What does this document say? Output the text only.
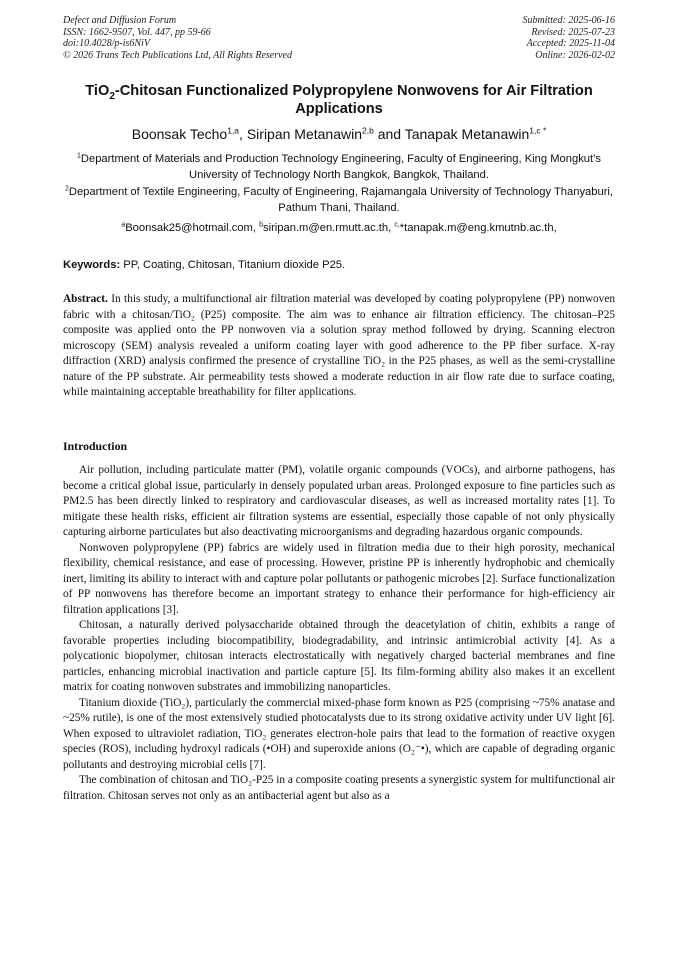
Defect and Diffusion Forum
ISSN: 1662-9507, Vol. 447, pp 59-66
doi:10.4028/p-is6NiV
© 2026 Trans Tech Publications Ltd, All Rights Reserved
Submitted: 2025-06-16
Revised: 2025-07-23
Accepted: 2025-11-04
Online: 2026-02-02
TiO$_2$-Chitosan Functionalized Polypropylene Nonwovens for Air Filtration Applications
Boonsak Techo$^{1,a}$, Siripan Metanawin$^{2,b}$ and Tanapak Metanawin$^{1,c *}$
$^1$Department of Materials and Production Technology Engineering, Faculty of Engineering, King Mongkut’s University of Technology North Bangkok, Bangkok, Thailand.
$^2$Department of Textile Engineering, Faculty of Engineering, Rajamangala University of Technology Thanyaburi, Pathum Thani, Thailand.
$^a$Boonsak25@hotmail.com, $^b$siripan.m@en.rmutt.ac.th, $^{c,}$*tanapak.m@eng.kmutnb.ac.th,
Keywords: PP, Coating, Chitosan, Titanium dioxide P25.
Abstract. In this study, a multifunctional air filtration material was developed by coating polypropylene (PP) nonwoven fabric with a chitosan/TiO₂ (P25) composite. The aim was to enhance air filtration efficiency. The chitosan–P25 composite was applied onto the PP nonwoven via a solution spray method followed by drying. Scanning electron microscopy (SEM) analysis revealed a uniform coating layer with good adherence to the PP fiber surface. X-ray diffraction (XRD) analysis confirmed the presence of crystalline TiO₂ in the P25 phases, as well as the semi-crystalline nature of the PP substrate. Air permeability tests showed a moderate reduction in air flow rate due to surface coating, while maintaining acceptable breathability for filter applications.
Introduction

Air pollution, including particulate matter (PM), volatile organic compounds (VOCs), and airborne pathogens, has become a critical global issue, particularly in densely populated urban areas. Prolonged exposure to fine particles such as PM2.5 has been directly linked to respiratory and cardiovascular diseases, as well as increased mortality rates [1]. To mitigate these health risks, efficient air filtration systems are essential, especially those capable of not only physically capturing airborne particulates but also deactivating microorganisms and degrading hazardous organic compounds.

Nonwoven polypropylene (PP) fabrics are widely used in filtration media due to their high porosity, mechanical flexibility, chemical resistance, and ease of processing. However, pristine PP is inherently hydrophobic and chemically inert, limiting its ability to interact with and capture polar pollutants or pathogenic microbes [2]. Surface functionalization of PP nonwovens has therefore become an important strategy to enhance their performance for high-efficiency air filtration applications [3].

Chitosan, a naturally derived polysaccharide obtained through the deacetylation of chitin, exhibits a range of favorable properties including biocompatibility, biodegradability, and intrinsic antimicrobial activity [4]. As a polycationic biopolymer, chitosan interacts electrostatically with negatively charged bacterial membranes and fine particles, enhancing microbial inactivation and particle capture [5]. Its film-forming ability also makes it an excellent matrix for coating nonwoven substrates and immobilizing nanoparticles.

Titanium dioxide (TiO₂), particularly the commercial mixed-phase form known as P25 (comprising ~75% anatase and ~25% rutile), is one of the most extensively studied photocatalysts due to its strong oxidative activity under UV light [6]. When exposed to ultraviolet radiation, TiO₂ generates electron-hole pairs that lead to the formation of reactive oxygen species (ROS), including hydroxyl radicals (•OH) and superoxide anions (O₂⁻•), which are capable of degrading organic pollutants and destroying microbial cells [7].

The combination of chitosan and TiO₂-P25 in a composite coating presents a synergistic system for multifunctional air filtration. Chitosan serves not only as an antibacterial agent but also as a
